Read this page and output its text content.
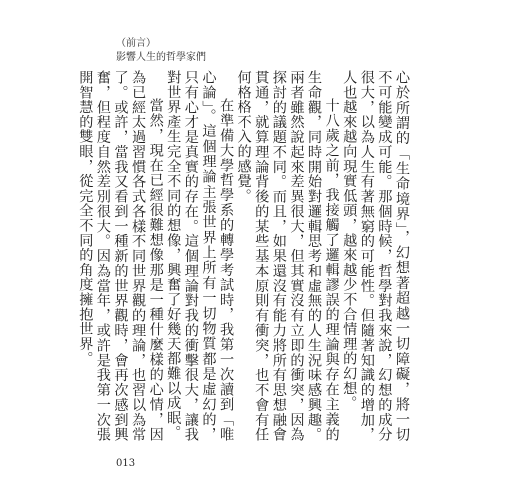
（前言）
影響人生的哲學家們

心於所謂的「生命境界」，幻想著超越一切障礙，將一切不可能變成可能。那個時候，哲學對我來說，幻想的成分很大，以為人生有著無窮的可能性。但隨著知識的增加，人也越來越向現實低頭，越來越少不合情理的幻想。

十八歲之前，我接觸了邏輯謬誤的理論與存在主義的生命觀，同時開始對邏輯思考和虛無的人生況味感興趣。兩者雖然說起來差異很大，但其實沒有立即的衝突，因為探討的議題不同。而且，如果還沒有能力將所有思想融會貫通，就算理論背後的某些基本原則有衝突，也不會有任何格格不入的感覺。

在準備大學哲學系的轉學考試時，我第一次讀到「唯心論」。這個理論主張世界上所有一切物質都是虛幻的，只有心才是真實的存在。這個理論對我的衝擊很大，讓我對世界產生完全不同的想像，興奮了好幾天都難以成眠。

當然，現在已經很難想像那是一種什麼樣的心情，因為已經太過習慣各式各樣不同世界觀的理論，也習以為常了。或許，當我又看到一種新的世界觀時，會再次感到興奮，但程度自然差別很大。因為當年，或許是我第一次張開智慧的雙眼，從完全不同的角度擁抱世界。

013
